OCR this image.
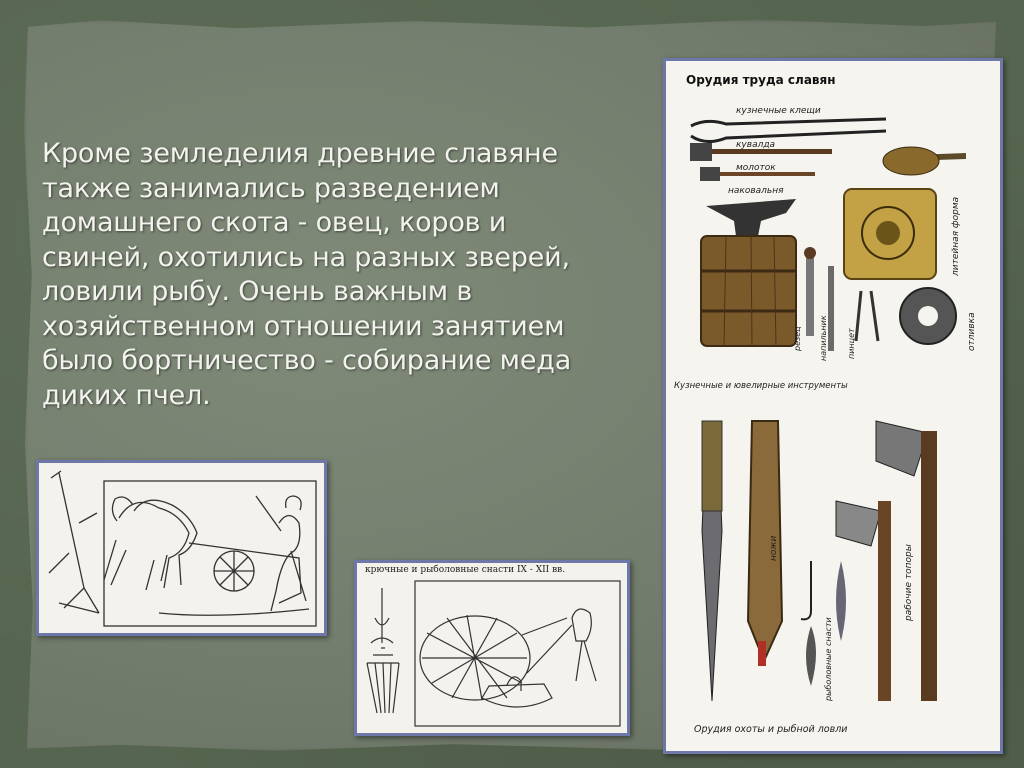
Кроме земледелия древние славяне также занимались разведением домашнего скота - овец, коров и свиней, охотились на разных зверей, ловили рыбу. Очень важным в хозяйственном отношении занятием было бортничество - собирание меда диких пчел.

крючные и рыболовные снасти IX - XII вв.
Орудия труда славян
кузнечные клещи
кувалда
молоток
наковальня
литейная форма
резец напильник пинцет	отливка
ножи
рыболовные снасти
рабочие топоры
Кузнечные и ювелирные инструменты
Орудия охоты и рыбной ловли
